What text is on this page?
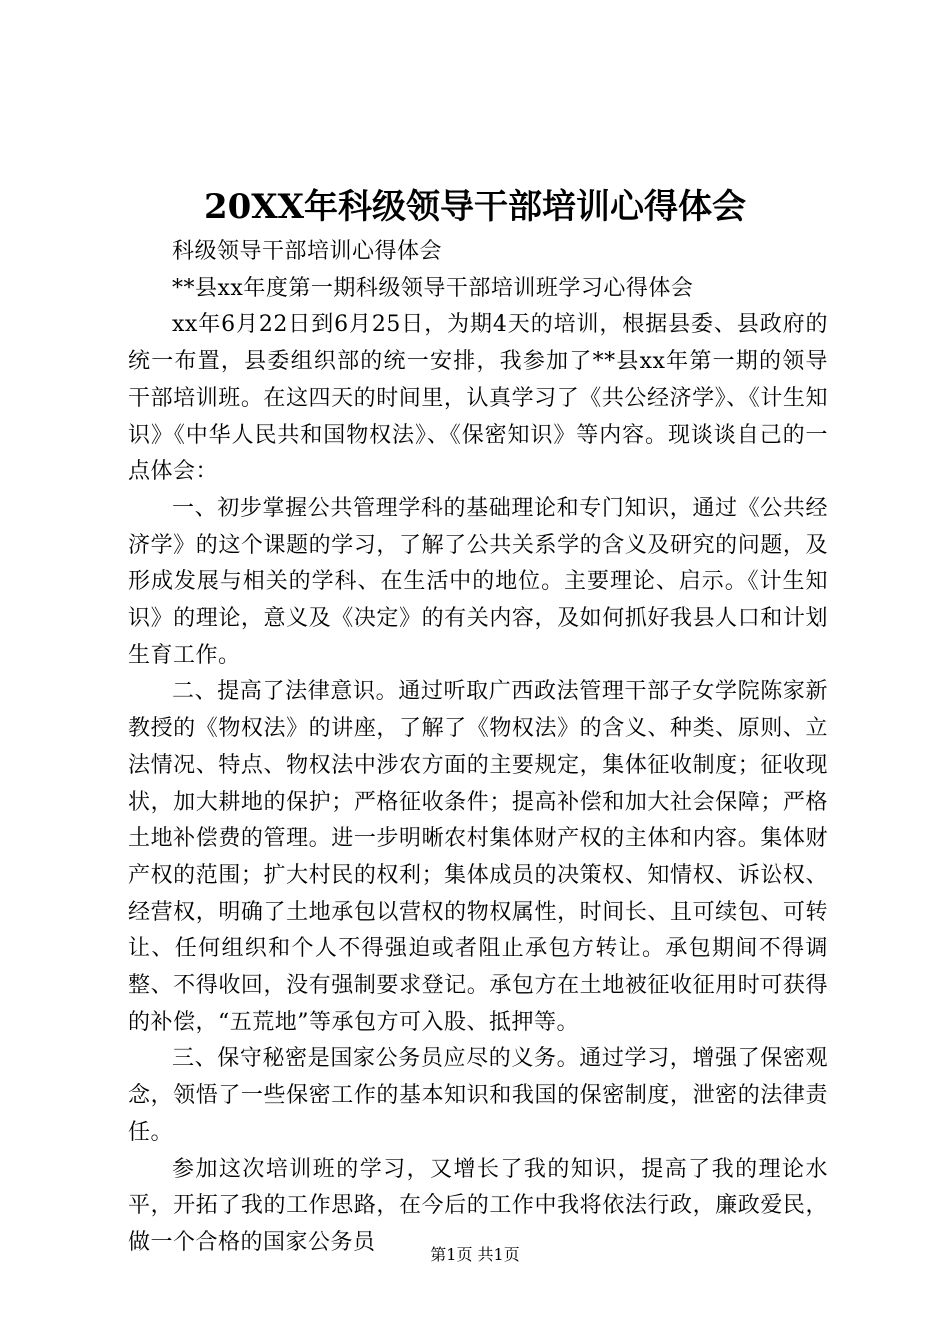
20XX年科级领导干部培训心得体会

科级领导干部培训心得体会

**县xx年度第一期科级领导干部培训班学习心得体会

xx年6月22日到6月25日，为期4天的培训，根据县委、县政府的统一布置，县委组织部的统一安排，我参加了**县xx年第一期的领导干部培训班。在这四天的时间里，认真学习了《共公经济学》、《计生知识》《中华人民共和国物权法》、《保密知识》等内容。现谈谈自己的一点体会：

一、初步掌握公共管理学科的基础理论和专门知识，通过《公共经济学》的这个课题的学习，了解了公共关系学的含义及研究的问题，及形成发展与相关的学科、在生活中的地位。主要理论、启示。《计生知识》的理论，意义及《决定》的有关内容，及如何抓好我县人口和计划生育工作。

二、提高了法律意识。通过听取广西政法管理干部子女学院陈家新教授的《物权法》的讲座，了解了《物权法》的含义、种类、原则、立法情况、特点、物权法中涉农方面的主要规定，集体征收制度；征收现状，加大耕地的保护；严格征收条件；提高补偿和加大社会保障；严格土地补偿费的管理。进一步明晰农村集体财产权的主体和内容。集体财产权的范围；扩大村民的权利；集体成员的决策权、知情权、诉讼权、经营权，明确了土地承包以营权的物权属性，时间长、且可续包、可转让、任何组织和个人不得强迫或者阻止承包方转让。承包期间不得调整、不得收回，没有强制要求登记。承包方在土地被征收征用时可获得的补偿，“五荒地”等承包方可入股、抵押等。

三、保守秘密是国家公务员应尽的义务。通过学习，增强了保密观念，领悟了一些保密工作的基本知识和我国的保密制度，泄密的法律责任。

参加这次培训班的学习，又增长了我的知识，提高了我的理论水平，开拓了我的工作思路，在今后的工作中我将依法行政，廉政爱民，做一个合格的国家公务员	第1页 共1页
